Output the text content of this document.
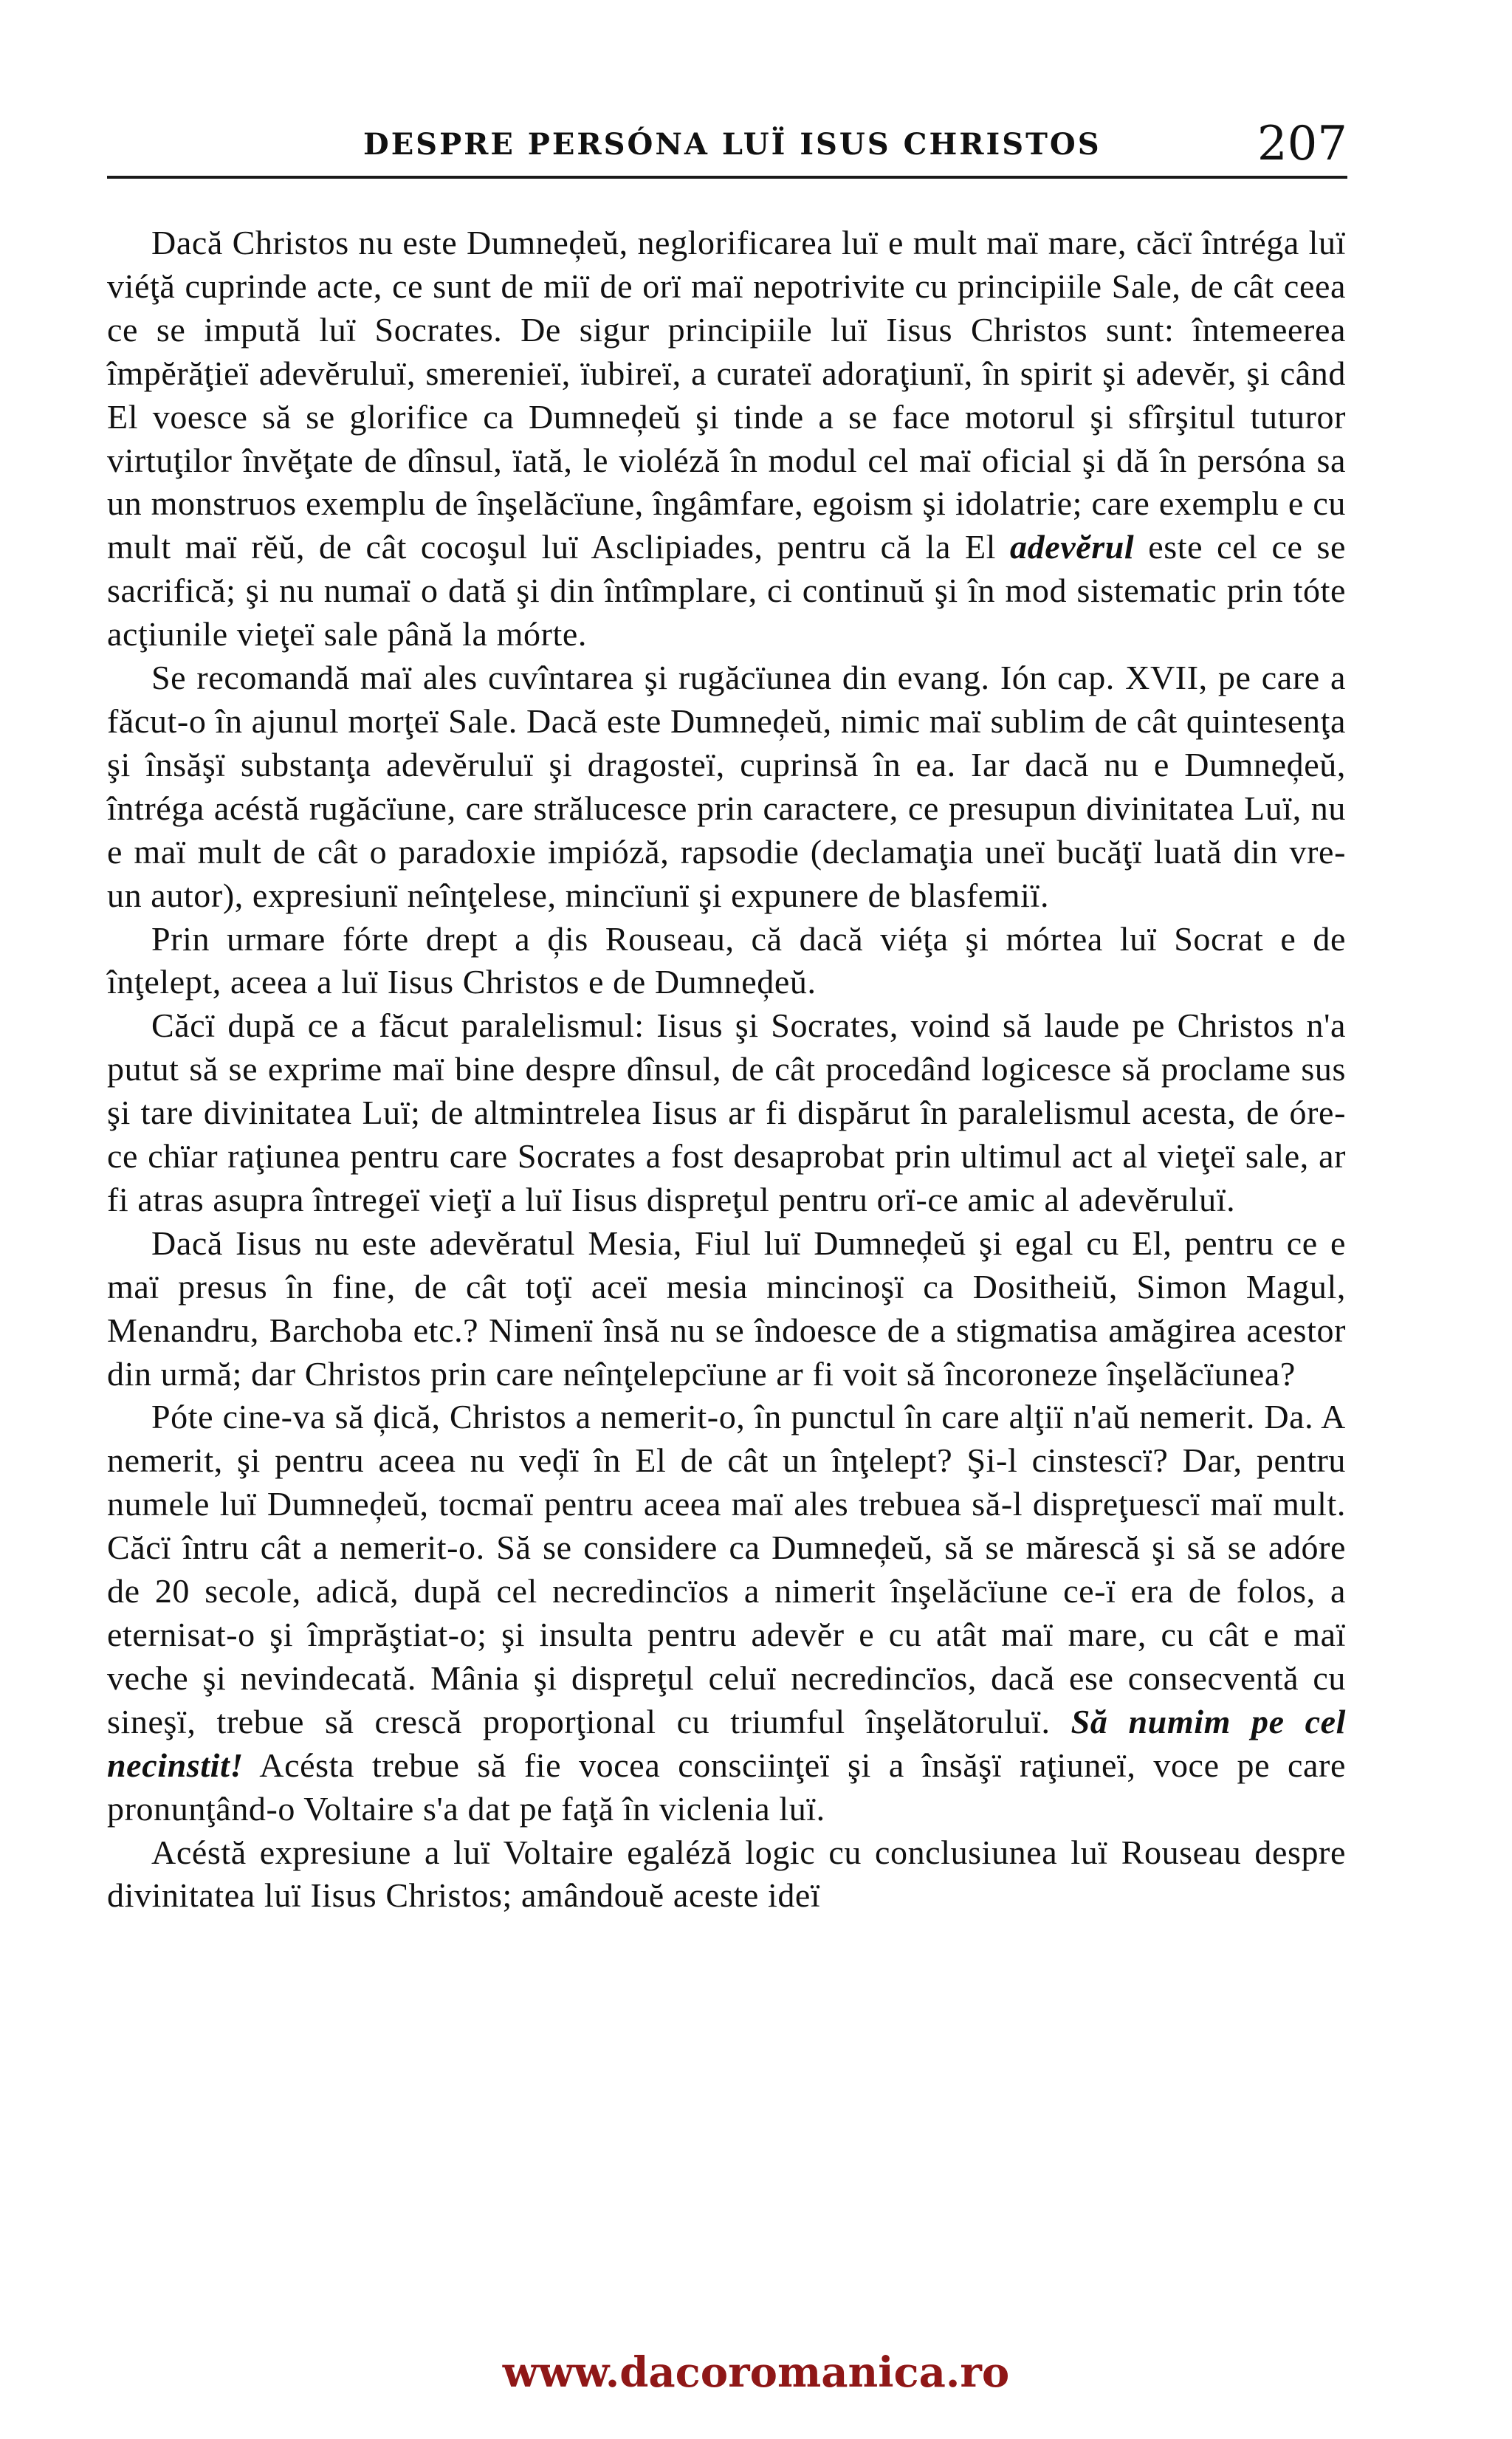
DESPRE PERSÓNA LUÏ ISUS CHRISTOS	207

Dacă Christos nu este Dumneḑeŭ, neglorificarea luï e mult maï mare, căcï întréga luï viéţă cuprinde acte, ce sunt de miï de orï maï nepotrivite cu principiile Sale, de cât ceea ce se impută luï Socrates. De sigur principiile luï Iisus Christos sunt: întemeerea împĕrăţieï adevĕruluï, smerenieï, ïubireï, a curateï adoraţiunï, în spirit şi adevĕr, şi când El voesce să se glorifice ca Dumneḑeŭ şi tinde a se face motorul şi sfîrşitul tuturor virtuţilor învĕţate de dînsul, ïată, le violéză în modul cel maï oficial şi dă în persóna sa un monstruos exemplu de înşelăcïune, îngâmfare, egoism şi idolatrie; care exemplu e cu mult maï rĕŭ, de cât cocoşul luï Asclipiades, pentru că la El adevĕrul este cel ce se sacrifică; şi nu numaï o dată şi din întîmplare, ci continuŭ şi în mod sistematic prin tóte acţiunile vieţeï sale până la mórte.

Se recomandă maï ales cuvîntarea şi rugăcïunea din evang. Ión cap. XVII, pe care a făcut-o în ajunul morţeï Sale. Dacă este Dumneḑeŭ, nimic maï sublim de cât quintesenţa şi însăşï substanţa adevĕruluï şi dragosteï, cuprinsă în ea. Iar dacă nu e Dumneḑeŭ, întréga acéstă rugăcïune, care strălucesce prin caractere, ce presupun divinitatea Luï, nu e maï mult de cât o paradoxie impióză, rapsodie (declamaţia uneï bucăţï luată din vre-un autor), expresiunï neînţelese, mincïunï şi expunere de blasfemiï.

Prin urmare fórte drept a ḑis Rouseau, că dacă viéţa şi mórtea luï Socrat e de înţelept, aceea a luï Iisus Christos e de Dumneḑeŭ.

Căcï după ce a făcut paralelismul: Iisus şi Socrates, voind să laude pe Christos n'a putut să se exprime maï bine despre dînsul, de cât procedând logicesce să proclame sus şi tare divinitatea Luï; de altmintrelea Iisus ar fi dispărut în paralelismul acesta, de óre-ce chïar raţiunea pentru care Socrates a fost desaprobat prin ultimul act al vieţeï sale, ar fi atras asupra întregeï vieţï a luï Iisus dispreţul pentru orï-ce amic al adevĕruluï.

Dacă Iisus nu este adevĕratul Mesia, Fiul luï Dumneḑeŭ şi egal cu El, pentru ce e maï presus în fine, de cât toţï aceï mesia mincinoşï ca Dositheiŭ, Simon Magul, Menandru, Barchoba etc.? Nimenï însă nu se îndoesce de a stigmatisa amăgirea acestor din urmă; dar Christos prin care neînţelepcïune ar fi voit să încoroneze înşelăcïunea?

Póte cine-va să ḑică, Christos a nemerit-o, în punctul în care alţiï n'aŭ nemerit. Da. A nemerit, şi pentru aceea nu veḑï în El de cât un înţelept? Şi-l cinstescï? Dar, pentru numele luï Dumneḑeŭ, tocmaï pentru aceea maï ales trebuea să-l dispreţuescï maï mult. Căcï întru cât a nemerit-o. Să se considere ca Dumneḑeŭ, să se mărescă şi să se adóre de 20 secole, adică, după cel necredincïos a nimerit înşelăcïune ce-ï era de folos, a eternisat-o şi împrăştiat-o; şi insulta pentru adevĕr e cu atât maï mare, cu cât e maï veche şi nevindecată. Mânia şi dispreţul celuï necredincïos, dacă ese consecventă cu sineşï, trebue să crescă proporţional cu triumful înşelătoruluï. Să numim pe cel necinstit! Acésta trebue să fie vocea consciinţeï şi a însăşï raţiuneï, voce pe care pronunţând-o Voltaire s'a dat pe faţă în viclenia luï.

Acéstă expresiune a luï Voltaire egaléză logic cu conclusiunea luï Rouseau despre divinitatea luï Iisus Christos; amândouĕ aceste ideï

www.dacoromanica.ro
